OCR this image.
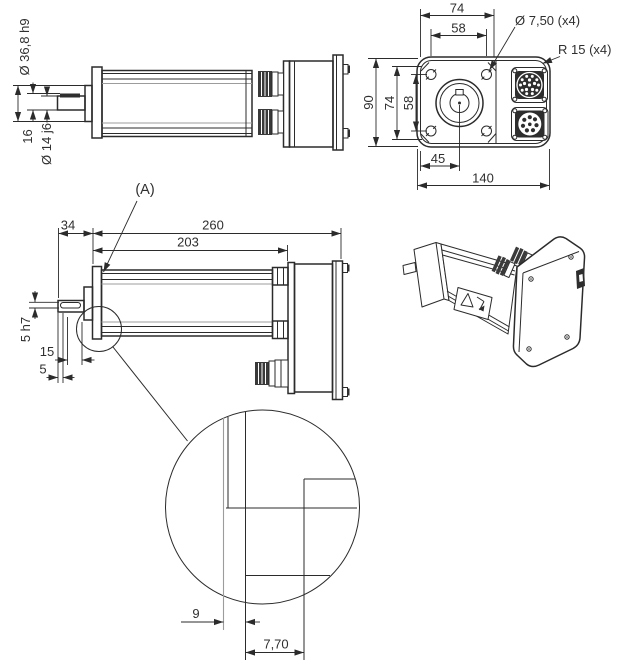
Ø 36,8 h9
16 Ø 14 j6
74
58	Ø 7,50 (x4)
R 15 (x4)
90 74 58
45
140
(A)
34	260
203
5 h7
15
5
9
7,70
